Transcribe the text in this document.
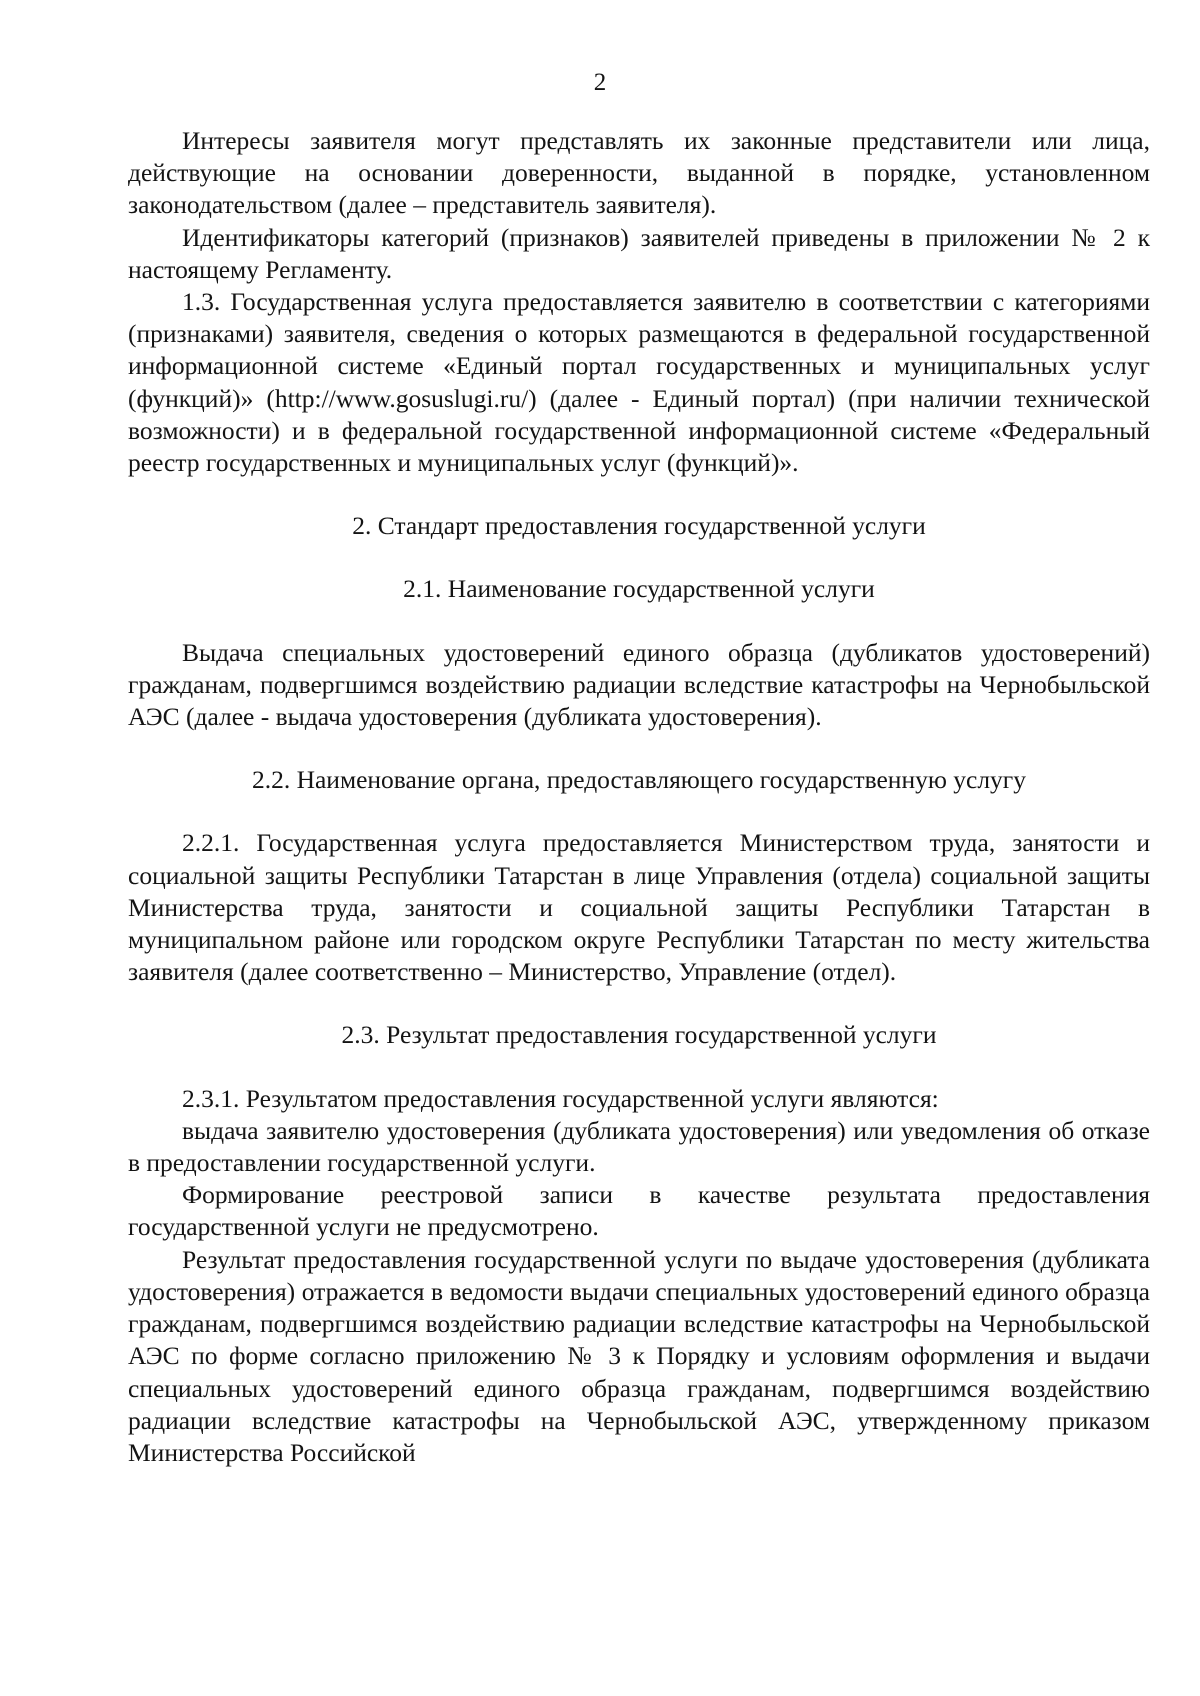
2

Интересы заявителя могут представлять их законные представители или лица, действующие на основании доверенности, выданной в порядке, установленном законодательством (далее – представитель заявителя).

Идентификаторы категорий (признаков) заявителей приведены в приложении № 2 к настоящему Регламенту.

1.3. Государственная услуга предоставляется заявителю в соответствии с категориями (признаками) заявителя, сведения о которых размещаются в федеральной государственной информационной системе «Единый портал государственных и муниципальных услуг (функций)» (http://www.gosuslugi.ru/) (далее - Единый портал) (при наличии технической возможности) и в федеральной государственной информационной системе «Федеральный реестр государственных и муниципальных услуг (функций)».

2. Стандарт предоставления государственной услуги

2.1. Наименование государственной услуги

Выдача специальных удостоверений единого образца (дубликатов удостоверений) гражданам, подвергшимся воздействию радиации вследствие катастрофы на Чернобыльской АЭС (далее - выдача удостоверения (дубликата удостоверения).

2.2. Наименование органа, предоставляющего государственную услугу

2.2.1. Государственная услуга предоставляется Министерством труда, занятости и социальной защиты Республики Татарстан в лице Управления (отдела) социальной защиты Министерства труда, занятости и социальной защиты Республики Татарстан в муниципальном районе или городском округе Республики Татарстан по месту жительства заявителя (далее соответственно – Министерство, Управление (отдел).

2.3. Результат предоставления государственной услуги

2.3.1. Результатом предоставления государственной услуги являются:

выдача заявителю удостоверения (дубликата удостоверения) или уведомления об отказе в предоставлении государственной услуги.

Формирование реестровой записи в качестве результата предоставления государственной услуги не предусмотрено.

Результат предоставления государственной услуги по выдаче удостоверения (дубликата удостоверения) отражается в ведомости выдачи специальных удостоверений единого образца гражданам, подвергшимся воздействию радиации вследствие катастрофы на Чернобыльской АЭС по форме согласно приложению № 3 к Порядку и условиям оформления и выдачи специальных удостоверений единого образца гражданам, подвергшимся воздействию радиации вследствие катастрофы на Чернобыльской АЭС, утвержденному приказом Министерства Российской
